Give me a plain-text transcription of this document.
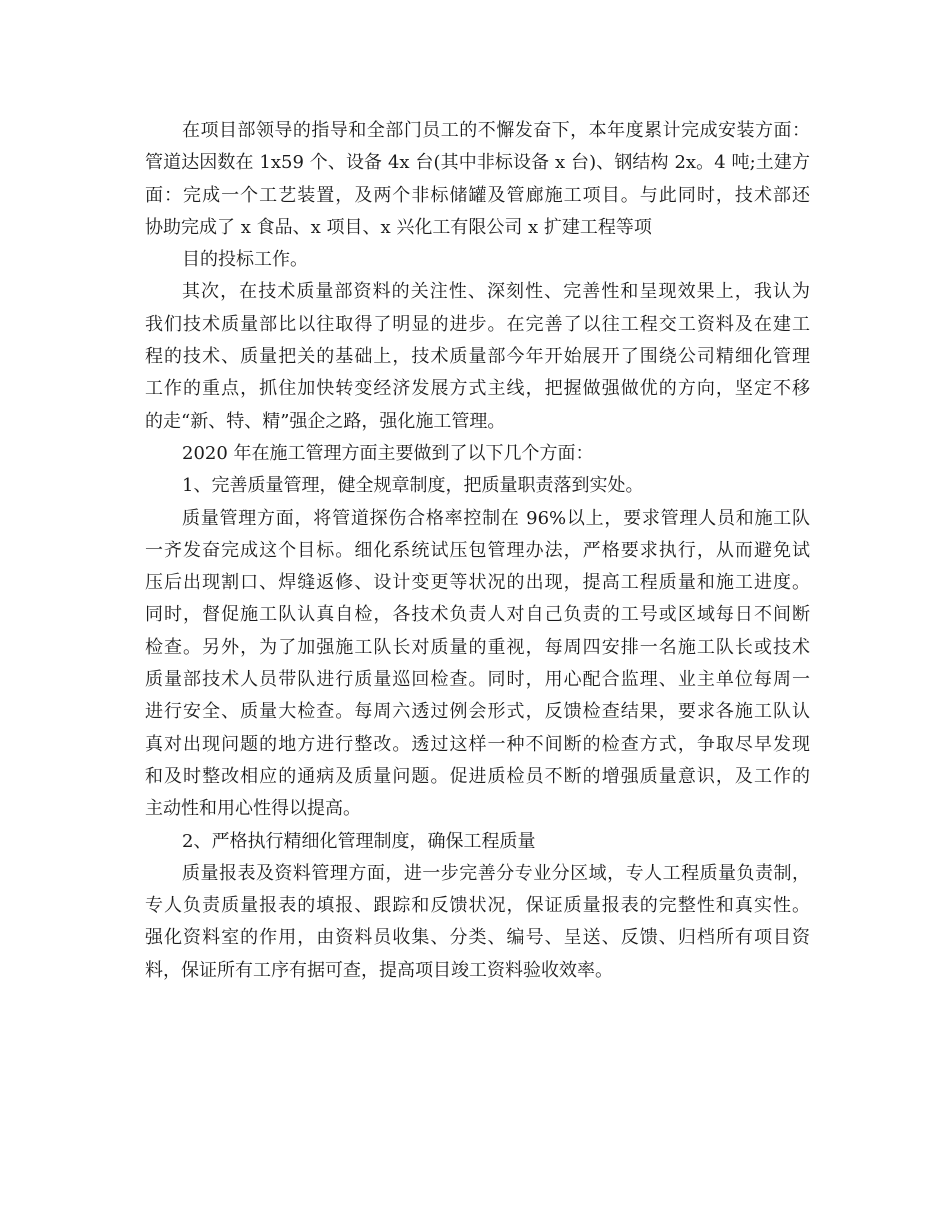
在项目部领导的指导和全部门员工的不懈发奋下，本年度累计完成安装方面：
管道达因数在 1x59 个、设备 4x 台(其中非标设备 x 台)、钢结构 2x。4 吨;土建方
面：完成一个工艺装置，及两个非标储罐及管廊施工项目。与此同时，技术部还
协助完成了 x 食品、x 项目、x 兴化工有限公司 x 扩建工程等项
目的投标工作。
其次，在技术质量部资料的关注性、深刻性、完善性和呈现效果上，我认为
我们技术质量部比以往取得了明显的进步。在完善了以往工程交工资料及在建工
程的技术、质量把关的基础上，技术质量部今年开始展开了围绕公司精细化管理
工作的重点，抓住加快转变经济发展方式主线，把握做强做优的方向，坚定不移
的走“新、特、精”强企之路，强化施工管理。
2020 年在施工管理方面主要做到了以下几个方面：
1、完善质量管理，健全规章制度，把质量职责落到实处。
质量管理方面，将管道探伤合格率控制在 96%以上，要求管理人员和施工队
一齐发奋完成这个目标。细化系统试压包管理办法，严格要求执行，从而避免试
压后出现割口、焊缝返修、设计变更等状况的出现，提高工程质量和施工进度。
同时，督促施工队认真自检，各技术负责人对自己负责的工号或区域每日不间断
检查。另外，为了加强施工队长对质量的重视，每周四安排一名施工队长或技术
质量部技术人员带队进行质量巡回检查。同时，用心配合监理、业主单位每周一
进行安全、质量大检查。每周六透过例会形式，反馈检查结果，要求各施工队认
真对出现问题的地方进行整改。透过这样一种不间断的检查方式，争取尽早发现
和及时整改相应的通病及质量问题。促进质检员不断的增强质量意识，及工作的
主动性和用心性得以提高。
2、严格执行精细化管理制度，确保工程质量
质量报表及资料管理方面，进一步完善分专业分区域，专人工程质量负责制，
专人负责质量报表的填报、跟踪和反馈状况，保证质量报表的完整性和真实性。
强化资料室的作用，由资料员收集、分类、编号、呈送、反馈、归档所有项目资
料，保证所有工序有据可查，提高项目竣工资料验收效率。
